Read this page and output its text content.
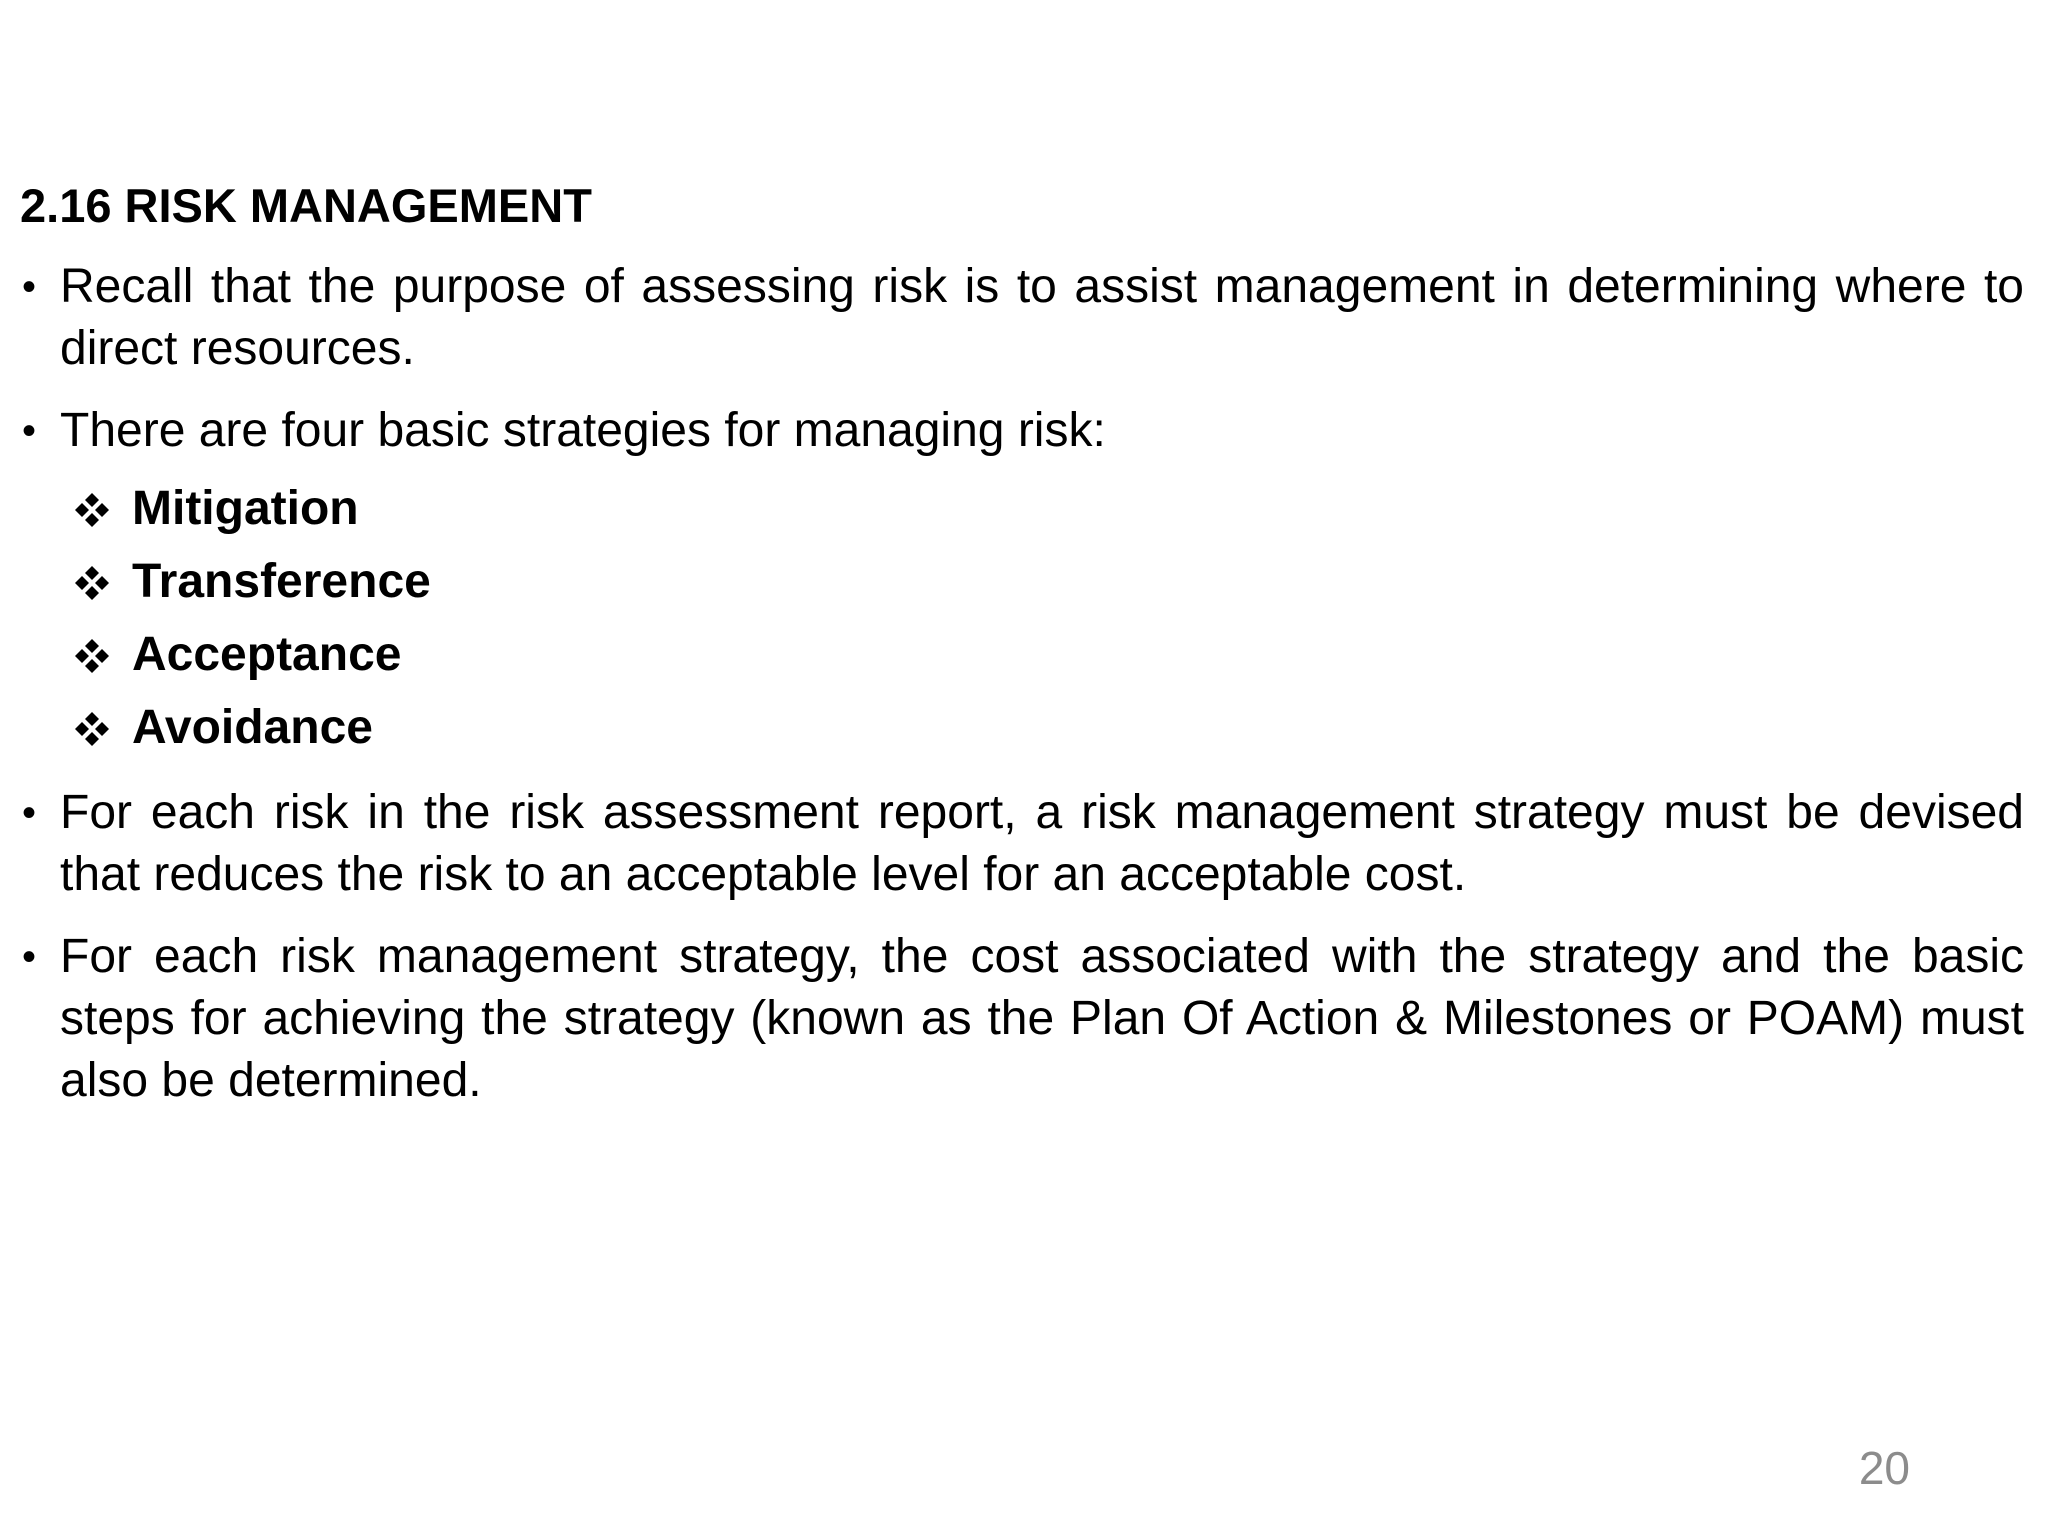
2.16 RISK MANAGEMENT
• Recall that the purpose of assessing risk is to assist management in determining where to direct resources.
• There are four basic strategies for managing risk:
Mitigation
Transference
Acceptance
Avoidance
• For each risk in the risk assessment report, a risk management strategy must be devised that reduces the risk to an acceptable level for an acceptable cost.
• For each risk management strategy, the cost associated with the strategy and the basic steps for achieving the strategy (known as the Plan Of Action & Milestones or POAM) must also be determined.
20
